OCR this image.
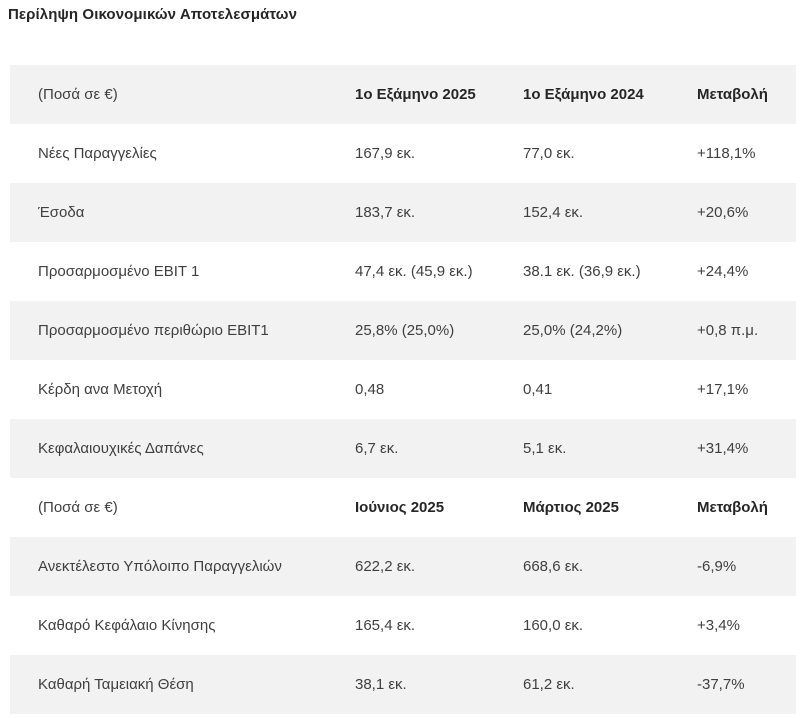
Περίληψη Οικονομικών Αποτελεσμάτων
(Ποσά σε €)	1ο Εξάμηνο 2025	1ο Εξάμηνο 2024	Μεταβολή
Νέες Παραγγελίες	167,9 εκ.	77,0 εκ.	+118,1%
Έσοδα	183,7 εκ.	152,4 εκ.	+20,6%
Προσαρμοσμένο EBIT 1	47,4 εκ. (45,9 εκ.)	38.1 εκ. (36,9 εκ.)	+24,4%
Προσαρμοσμένο περιθώριο EBIT1	25,8% (25,0%)	25,0% (24,2%)	+0,8 π.μ.
Κέρδη ανα Μετοχή	0,48	0,41	+17,1%
Κεφαλαιουχικές Δαπάνες	6,7 εκ.	5,1 εκ.	+31,4%
(Ποσά σε €)	Ιούνιος 2025	Μάρτιος 2025	Μεταβολή
Ανεκτέλεστο Υπόλοιπο Παραγγελιών	622,2 εκ.	668,6 εκ.	-6,9%
Καθαρό Κεφάλαιο Κίνησης	165,4 εκ.	160,0 εκ.	+3,4%
Καθαρή Ταμειακή Θέση	38,1 εκ.	61,2 εκ.	-37,7%
